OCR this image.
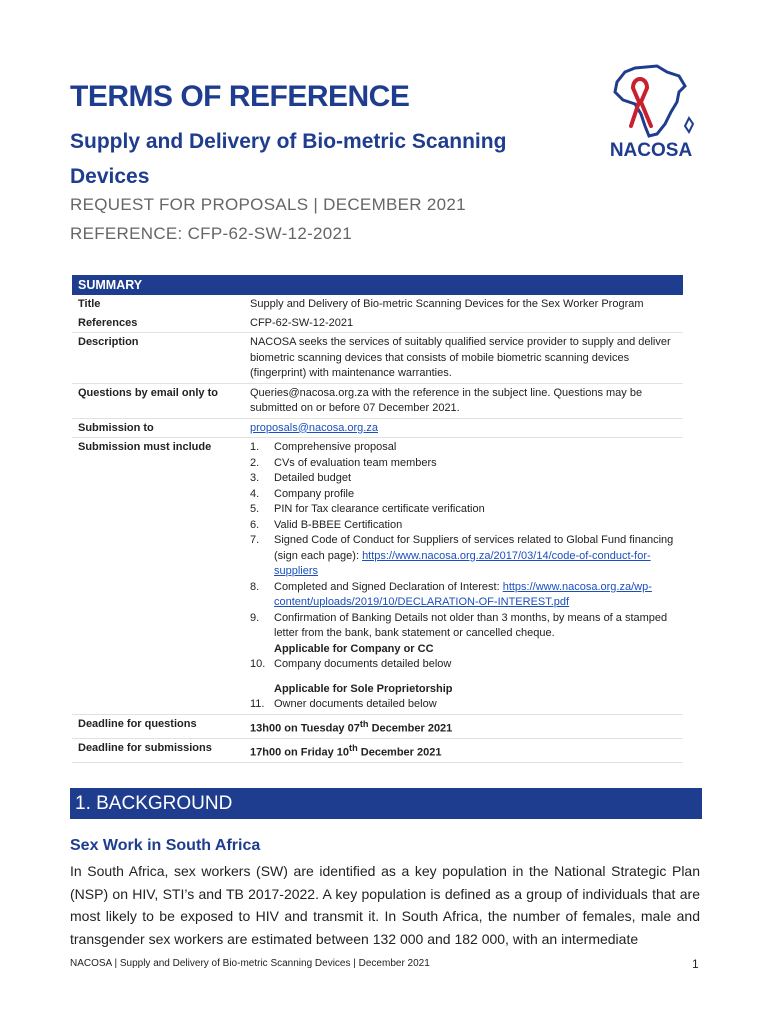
TERMS OF REFERENCE
Supply and Delivery of Bio-metric Scanning Devices
REQUEST FOR PROPOSALS | DECEMBER 2021
REFERENCE: CFP-62-SW-12-2021
NACOSA
SUMMARY
Title	Supply and Delivery of Bio-metric Scanning Devices for the Sex Worker Program
References	CFP-62-SW-12-2021
Description	NACOSA seeks the services of suitably qualified service provider to supply and deliver biometric scanning devices that consists of mobile biometric scanning devices (fingerprint) with maintenance warranties.
Questions by email only to	Queries@nacosa.org.za with the reference in the subject line. Questions may be submitted on or before 07 December 2021.
Submission to	proposals@nacosa.org.za
Submission must include	1.	Comprehensive proposal
2.	CVs of evaluation team members
3.	Detailed budget
4.	Company profile
5.	PIN for Tax clearance certificate verification
6.	Valid B-BBEE Certification
7.	Signed Code of Conduct for Suppliers of services related to Global Fund financing (sign each page): https://www.nacosa.org.za/2017/03/14/code-of-conduct-for-suppliers
8.	Completed and Signed Declaration of Interest: https://www.nacosa.org.za/wp-content/uploads/2019/10/DECLARATION-OF-INTEREST.pdf
9.	Confirmation of Banking Details not older than 3 months, by means of a stamped letter from the bank, bank statement or cancelled cheque.
Applicable for Company or CC
10. Company documents detailed below
Applicable for Sole Proprietorship
11. Owner documents detailed below
Deadline for questions	13h00 on Tuesday 07th December 2021
Deadline for submissions	17h00 on Friday 10th December 2021
1. BACKGROUND
Sex Work in South Africa

In South Africa, sex workers (SW) are identified as a key population in the National Strategic Plan (NSP) on HIV, STI’s and TB 2017-2022. A key population is defined as a group of individuals that are most likely to be exposed to HIV and transmit it. In South Africa, the number of females, male and transgender sex workers are estimated between 132 000 and 182 000, with an intermediate

NACOSA | Supply and Delivery of Bio-metric Scanning Devices | December 2021	1
